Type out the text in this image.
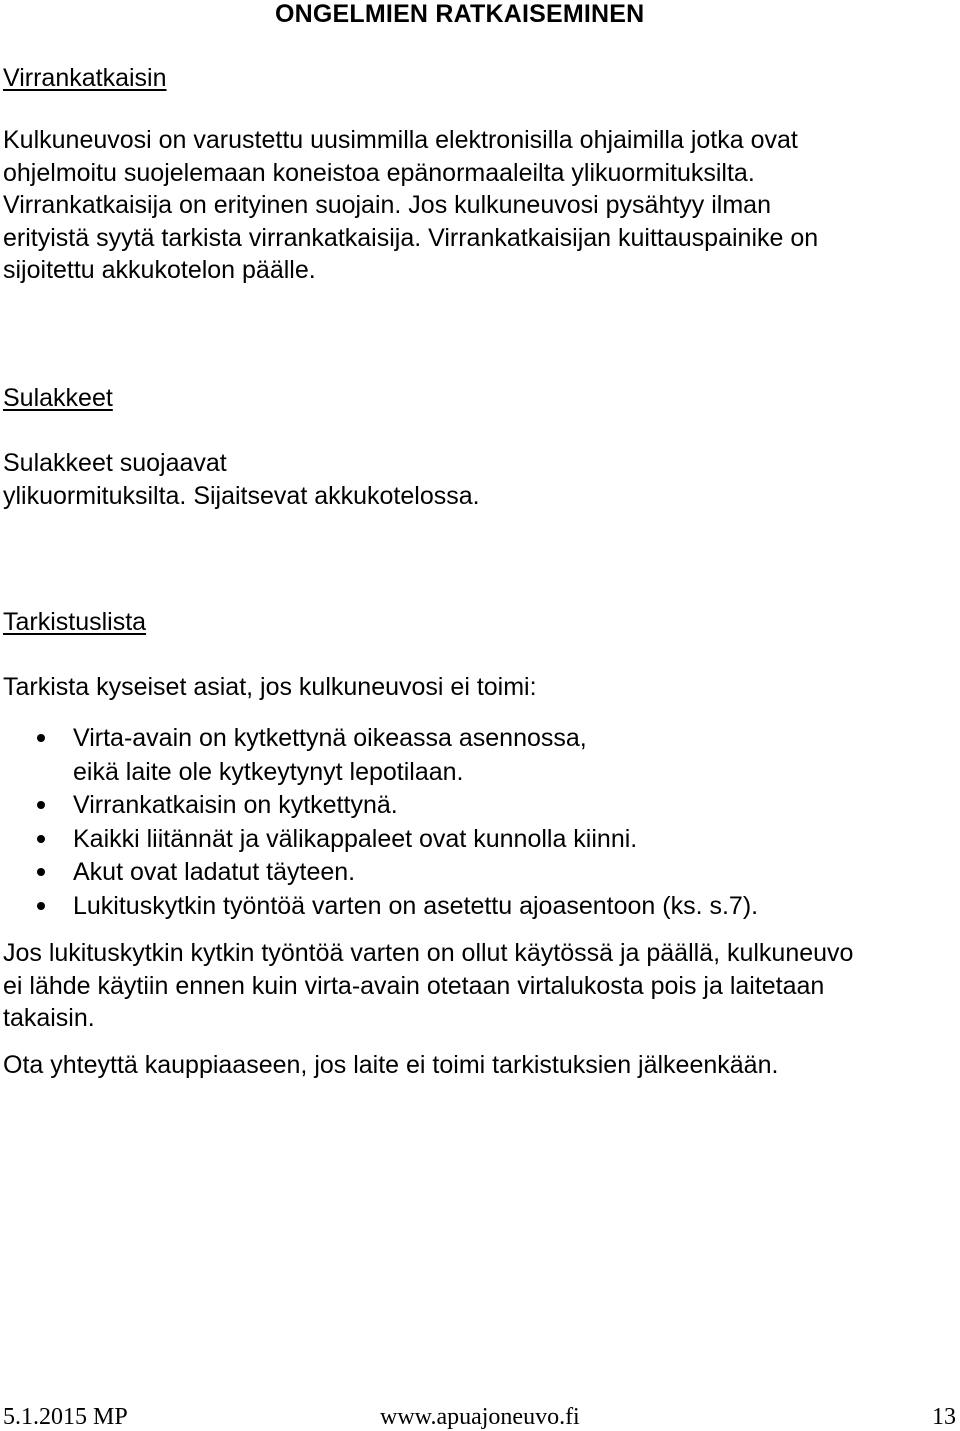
ONGELMIEN RATKAISEMINEN
Virrankatkaisin

Kulkuneuvosi on varustettu uusimmilla elektronisilla ohjaimilla jotka ovat
ohjelmoitu suojelemaan koneistoa epänormaaleilta ylikuormituksilta.
Virrankatkaisija on erityinen suojain. Jos kulkuneuvosi pysähtyy ilman
erityistä syytä tarkista virrankatkaisija. Virrankatkaisijan kuittauspainike on
sijoitettu akkukotelon päälle.

Sulakkeet

Sulakkeet suojaavat
ylikuormituksilta. Sijaitsevat akkukotelossa.

Tarkistuslista

Tarkista kyseiset asiat, jos kulkuneuvosi ei toimi:

Virta-avain on kytkettynä oikeassa asennossa,
eikä laite ole kytkeytynyt lepotilaan.
Virrankatkaisin on kytkettynä.
Kaikki liitännät ja välikappaleet ovat kunnolla kiinni.
Akut ovat ladatut täyteen.
Lukituskytkin työntöä varten on asetettu ajoasentoon (ks. s.7).

Jos lukituskytkin kytkin työntöä varten on ollut käytössä ja päällä, kulkuneuvo
ei lähde käytiin ennen kuin virta-avain otetaan virtalukosta pois ja laitetaan
takaisin.

Ota yhteyttä kauppiaaseen, jos laite ei toimi tarkistuksien jälkeenkään.

5.1.2015 MP	www.apuajoneuvo.fi	13
